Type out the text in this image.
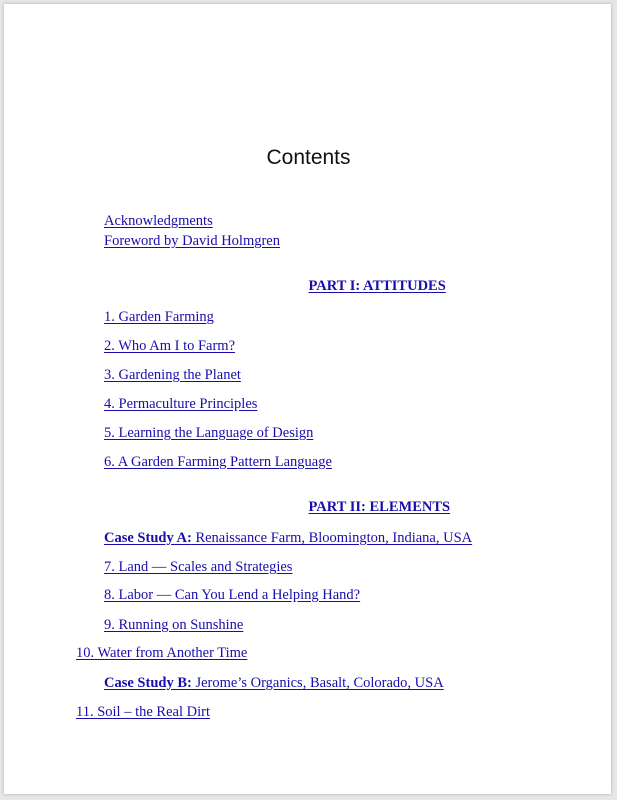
Contents
Acknowledgments
Foreword by David Holmgren
PART I: ATTITUDES
1. Garden Farming
2. Who Am I to Farm?
3. Gardening the Planet
4. Permaculture Principles
5. Learning the Language of Design
6. A Garden Farming Pattern Language
PART II: ELEMENTS
Case Study A: Renaissance Farm, Bloomington, Indiana, USA
7. Land — Scales and Strategies
8. Labor — Can You Lend a Helping Hand?
9. Running on Sunshine
10. Water from Another Time
Case Study B: Jerome’s Organics, Basalt, Colorado, USA
11. Soil – the Real Dirt
